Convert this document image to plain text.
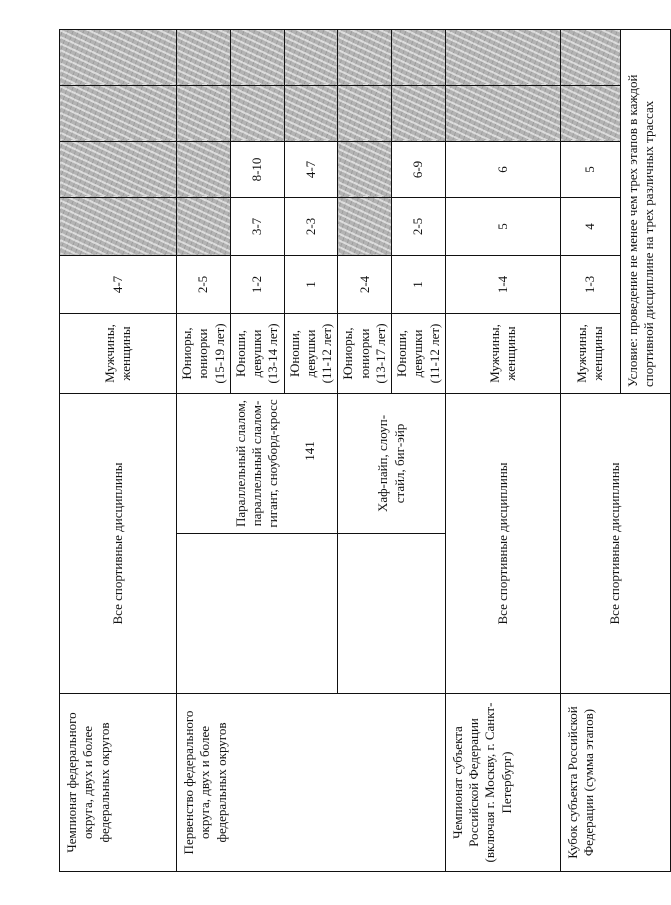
141
Чемпионат федерального округа, двух и более федеральных округов	Все спортивные дисциплины		Мужчины, женщины	4-7				
Первенство федерального округа, двух и более федеральных округов		Параллельный слалом, параллельный слалом-гигант, сноуборд-кросс	Юниоры, юниорки (15-19 лет)	2-5				
			Юноши, девушки (13-14 лет)	1-2	3-7	8-10		
			Юноши, девушки (11-12 лет)	1	2-3	4-7		
		Хаф-пайп, слоуп-стайл, биг-эйр	Юниоры, юниорки (13-17 лет)	2-4				
			Юноши, девушки (11-12 лет)	1	2-5	6-9		
Чемпионат субъекта Российской Федерации (включая г. Москву, г. Санкт-Петербург)	Все спортивные дисциплины		Мужчины, женщины	1-4	5	6		
Кубок субъекта Российской Федерации (сумма этапов)	Все спортивные дисциплины		Мужчины, женщины	1-3	4	5		
			Условие: проведение не менее чем трех этапов в каждой спортивной дисциплине на трех различных трассах					
